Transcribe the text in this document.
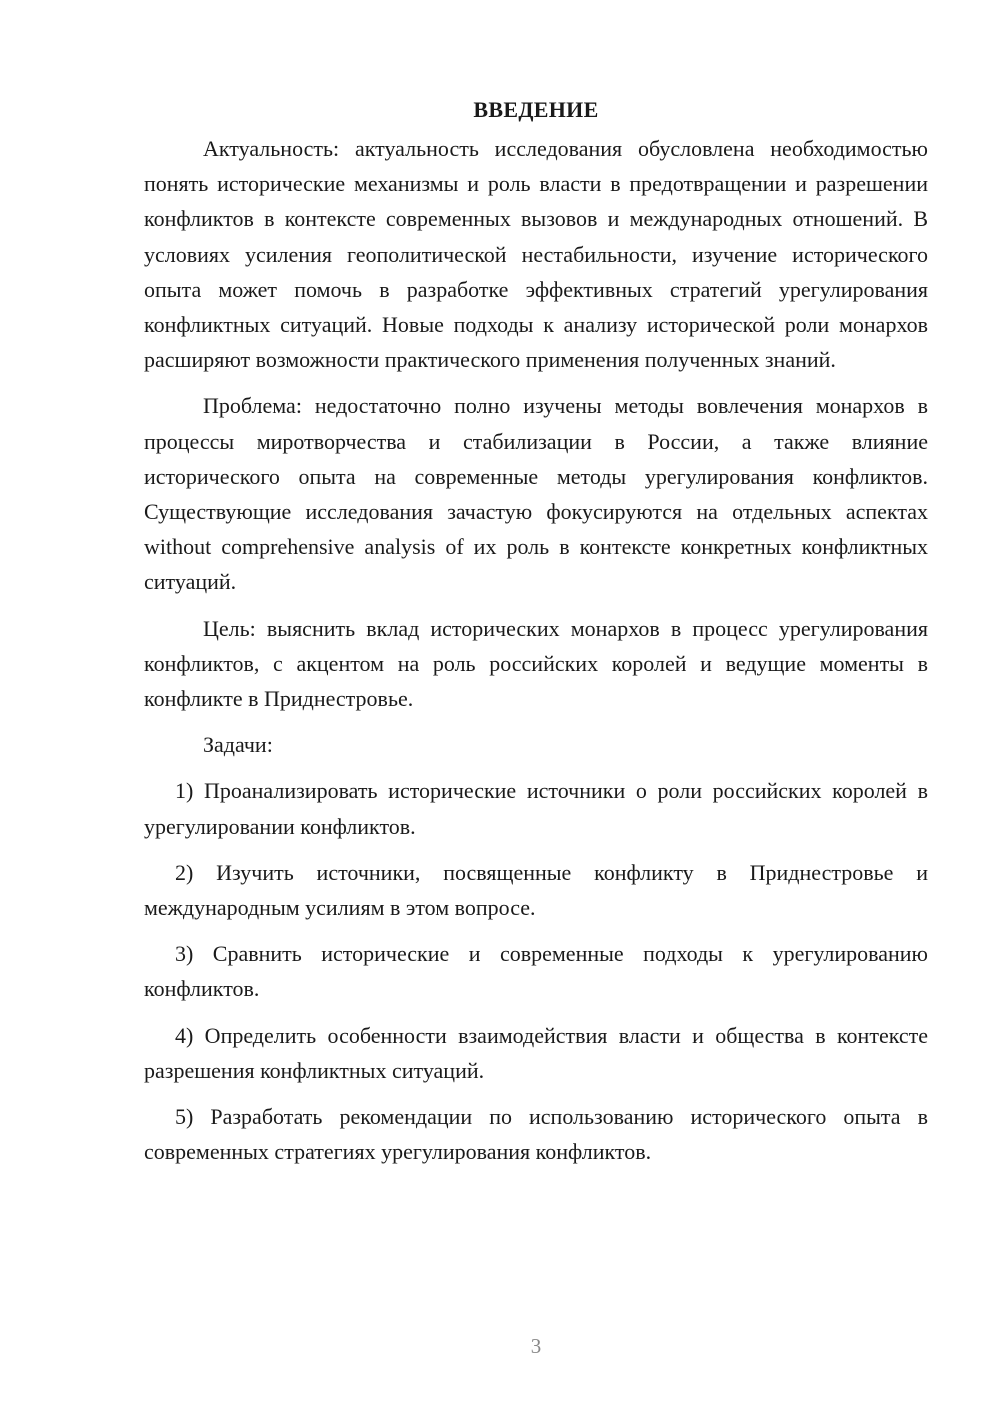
ВВЕДЕНИЕ

Актуальность: актуальность исследования обусловлена необходимостью понять исторические механизмы и роль власти в предотвращении и разрешении конфликтов в контексте современных вызовов и международных отношений. В условиях усиления геополитической нестабильности, изучение исторического опыта может помочь в разработке эффективных стратегий урегулирования конфликтных ситуаций. Новые подходы к анализу исторической роли монархов расширяют возможности практического применения полученных знаний.

Проблема: недостаточно полно изучены методы вовлечения монархов в процессы миротворчества и стабилизации в России, а также влияние исторического опыта на современные методы урегулирования конфликтов. Существующие исследования зачастую фокусируются на отдельных аспектах without comprehensive analysis of их роль в контексте конкретных конфликтных ситуаций.

Цель: выяснить вклад исторических монархов в процесс урегулирования конфликтов, с акцентом на роль российских королей и ведущие моменты в конфликте в Приднестровье.

Задачи:

1) Проанализировать исторические источники о роли российских королей в урегулировании конфликтов.

2) Изучить источники, посвященные конфликту в Приднестровье и международным усилиям в этом вопросе.

3) Сравнить исторические и современные подходы к урегулированию конфликтов.

4) Определить особенности взаимодействия власти и общества в контексте разрешения конфликтных ситуаций.

5) Разработать рекомендации по использованию исторического опыта в современных стратегиях урегулирования конфликтов.

3
